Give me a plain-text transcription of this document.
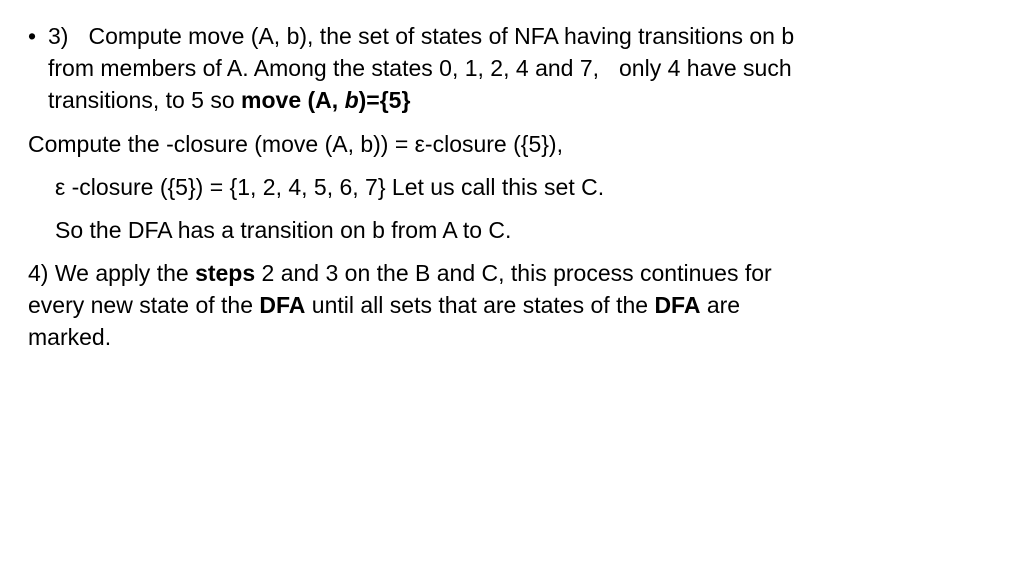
• 3) Compute move (A, b), the set of states of NFA having transitions on b
from members of A. Among the states 0, 1, 2, 4 and 7, only 4 have such
transitions, to 5 so move (A, b)={5}
Compute the -closure (move (A, b)) = ε-closure ({5}),
ε -closure ({5}) = {1, 2, 4, 5, 6, 7} Let us call this set C.
So the DFA has a transition on b from A to C.
4) We apply the steps 2 and 3 on the B and C, this process continues for
every new state of the DFA until all sets that are states of the DFA are
marked.
